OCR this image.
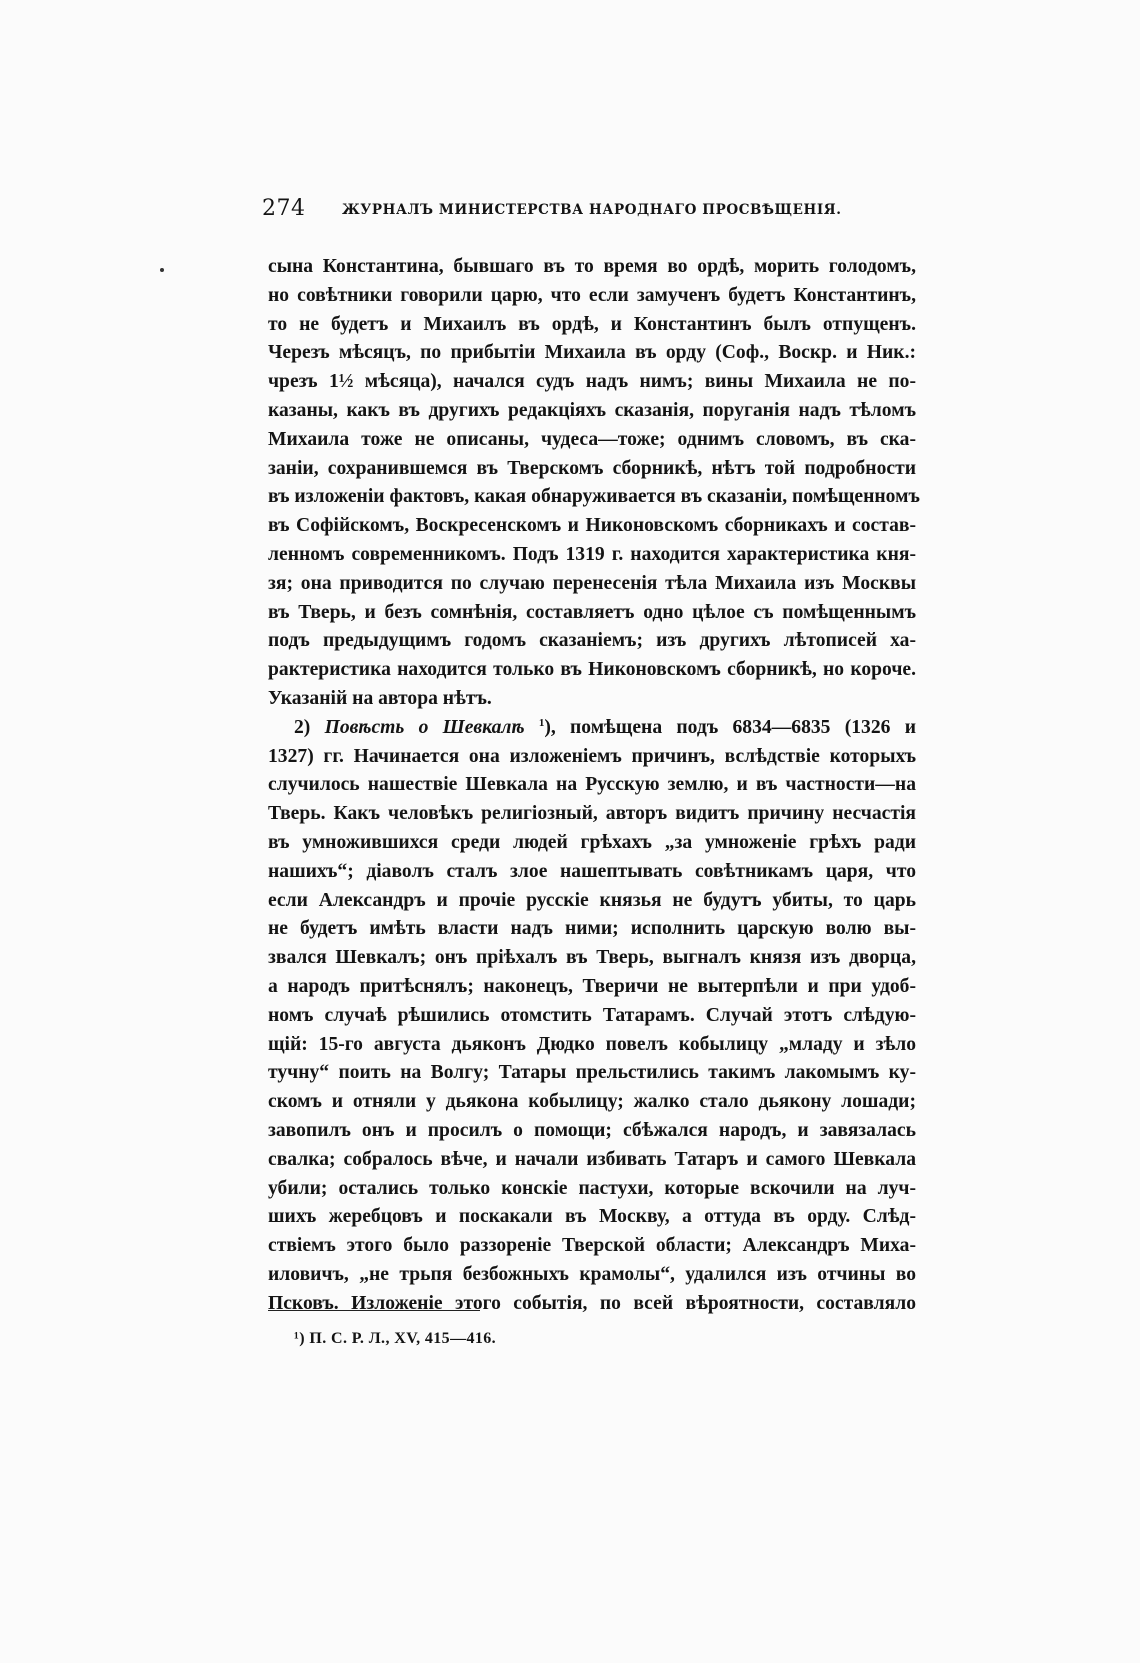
274	ЖУРНАЛЪ МИНИСТЕРСТВА НАРОДНАГО ПРОСВѢЩЕНІЯ.
сына Константина, бывшаго въ то время во ордѣ, морить голодомъ,
но совѣтники говорили царю, что если замученъ будетъ Константинъ,
то не будетъ и Михаилъ въ ордѣ, и Константинъ былъ отпущенъ.
Черезъ мѣсяцъ, по прибытіи Михаила въ орду (Соф., Воскр. и Ник.:
чрезъ 1½ мѣсяца), начался судъ надъ нимъ; вины Михаила не по-
казаны, какъ въ другихъ редакціяхъ сказанія, поруганія надъ тѣломъ
Михаила тоже не описаны, чудеса—тоже; однимъ словомъ, въ ска-
заніи, сохранившемся въ Тверскомъ сборникѣ, нѣтъ той подробности
въ изложеніи фактовъ, какая обнаруживается въ сказаніи, помѣщенномъ
въ Софійскомъ, Воскресенскомъ и Никоновскомъ сборникахъ и состав-
ленномъ современникомъ. Подъ 1319 г. находится характеристика кня-
зя; она приводится по случаю перенесенія тѣла Михаила изъ Москвы
въ Тверь, и безъ сомнѣнія, составляетъ одно цѣлое съ помѣщеннымъ
подъ предыдущимъ годомъ сказаніемъ; изъ другихъ лѣтописей ха-
рактеристика находится только въ Никоновскомъ сборникѣ, но короче.
Указаній на автора нѣтъ.
2) Повѣсть о Шевкалѣ $^1$), помѣщена подъ 6834—6835 (1326 и
1327) гг. Начинается она изложеніемъ причинъ, вслѣдствіе которыхъ
случилось нашествіе Шевкала на Русскую землю, и въ частности—на
Тверь. Какъ человѣкъ религіозный, авторъ видитъ причину несчастія
въ умножившихся среди людей грѣхахъ „за умноженіе грѣхъ ради
нашихъ“; діаволъ сталъ злое нашептывать совѣтникамъ царя, что
если Александръ и прочіе русскіе князья не будутъ убиты, то царь
не будетъ имѣть власти надъ ними; исполнить царскую волю вы-
звался Шевкалъ; онъ пріѣхалъ въ Тверь, выгналъ князя изъ дворца,
а народъ притѣснялъ; наконецъ, Тверичи не вытерпѣли и при удоб-
номъ случаѣ рѣшились отомстить Татарамъ. Случай этотъ слѣдую-
щій: 15-го августа дьяконъ Дюдко повелъ кобылицу „младу и зѣло
тучну“ поить на Волгу; Татары прельстились такимъ лакомымъ ку-
скомъ и отняли у дьякона кобылицу; жалко стало дьякону лошади;
завопилъ онъ и просилъ о помощи; сбѣжался народъ, и завязалась
свалка; собралось вѣче, и начали избивать Татаръ и самого Шевкала
убили; остались только конскіе пастухи, которые вскочили на луч-
шихъ жеребцовъ и поскакали въ Москву, а оттуда въ орду. Слѣд-
ствіемъ этого было раззореніе Тверской области; Александръ Миха-
иловичъ, „не трьпя безбожныхъ крамолы“, удалился изъ отчины во
Псковъ. Изложеніе этого событія, по всей вѣроятности, составляло
¹) П. С. Р. Л., XV, 415—416.
